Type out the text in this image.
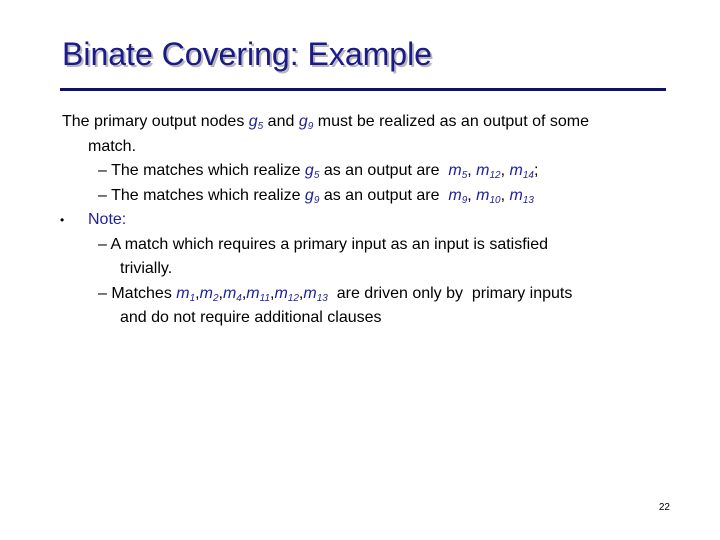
Binate Covering: Example
The primary output nodes $g_5$ and $g_9$ must be realized as an output of some
match.
– The matches which realize $g_5$ as an output are  $m_5$, $m_{12}$, $m_{14}$;
– The matches which realize $g_9$ as an output are  $m_9$, $m_{10}$, $m_{13}$
• Note:
– A match which requires a primary input as an input is satisfied
trivially.
– Matches $m_1,m_2,m_4,m_{11},m_{12},m_{13}$  are driven only by  primary inputs
and do not require additional clauses
22
